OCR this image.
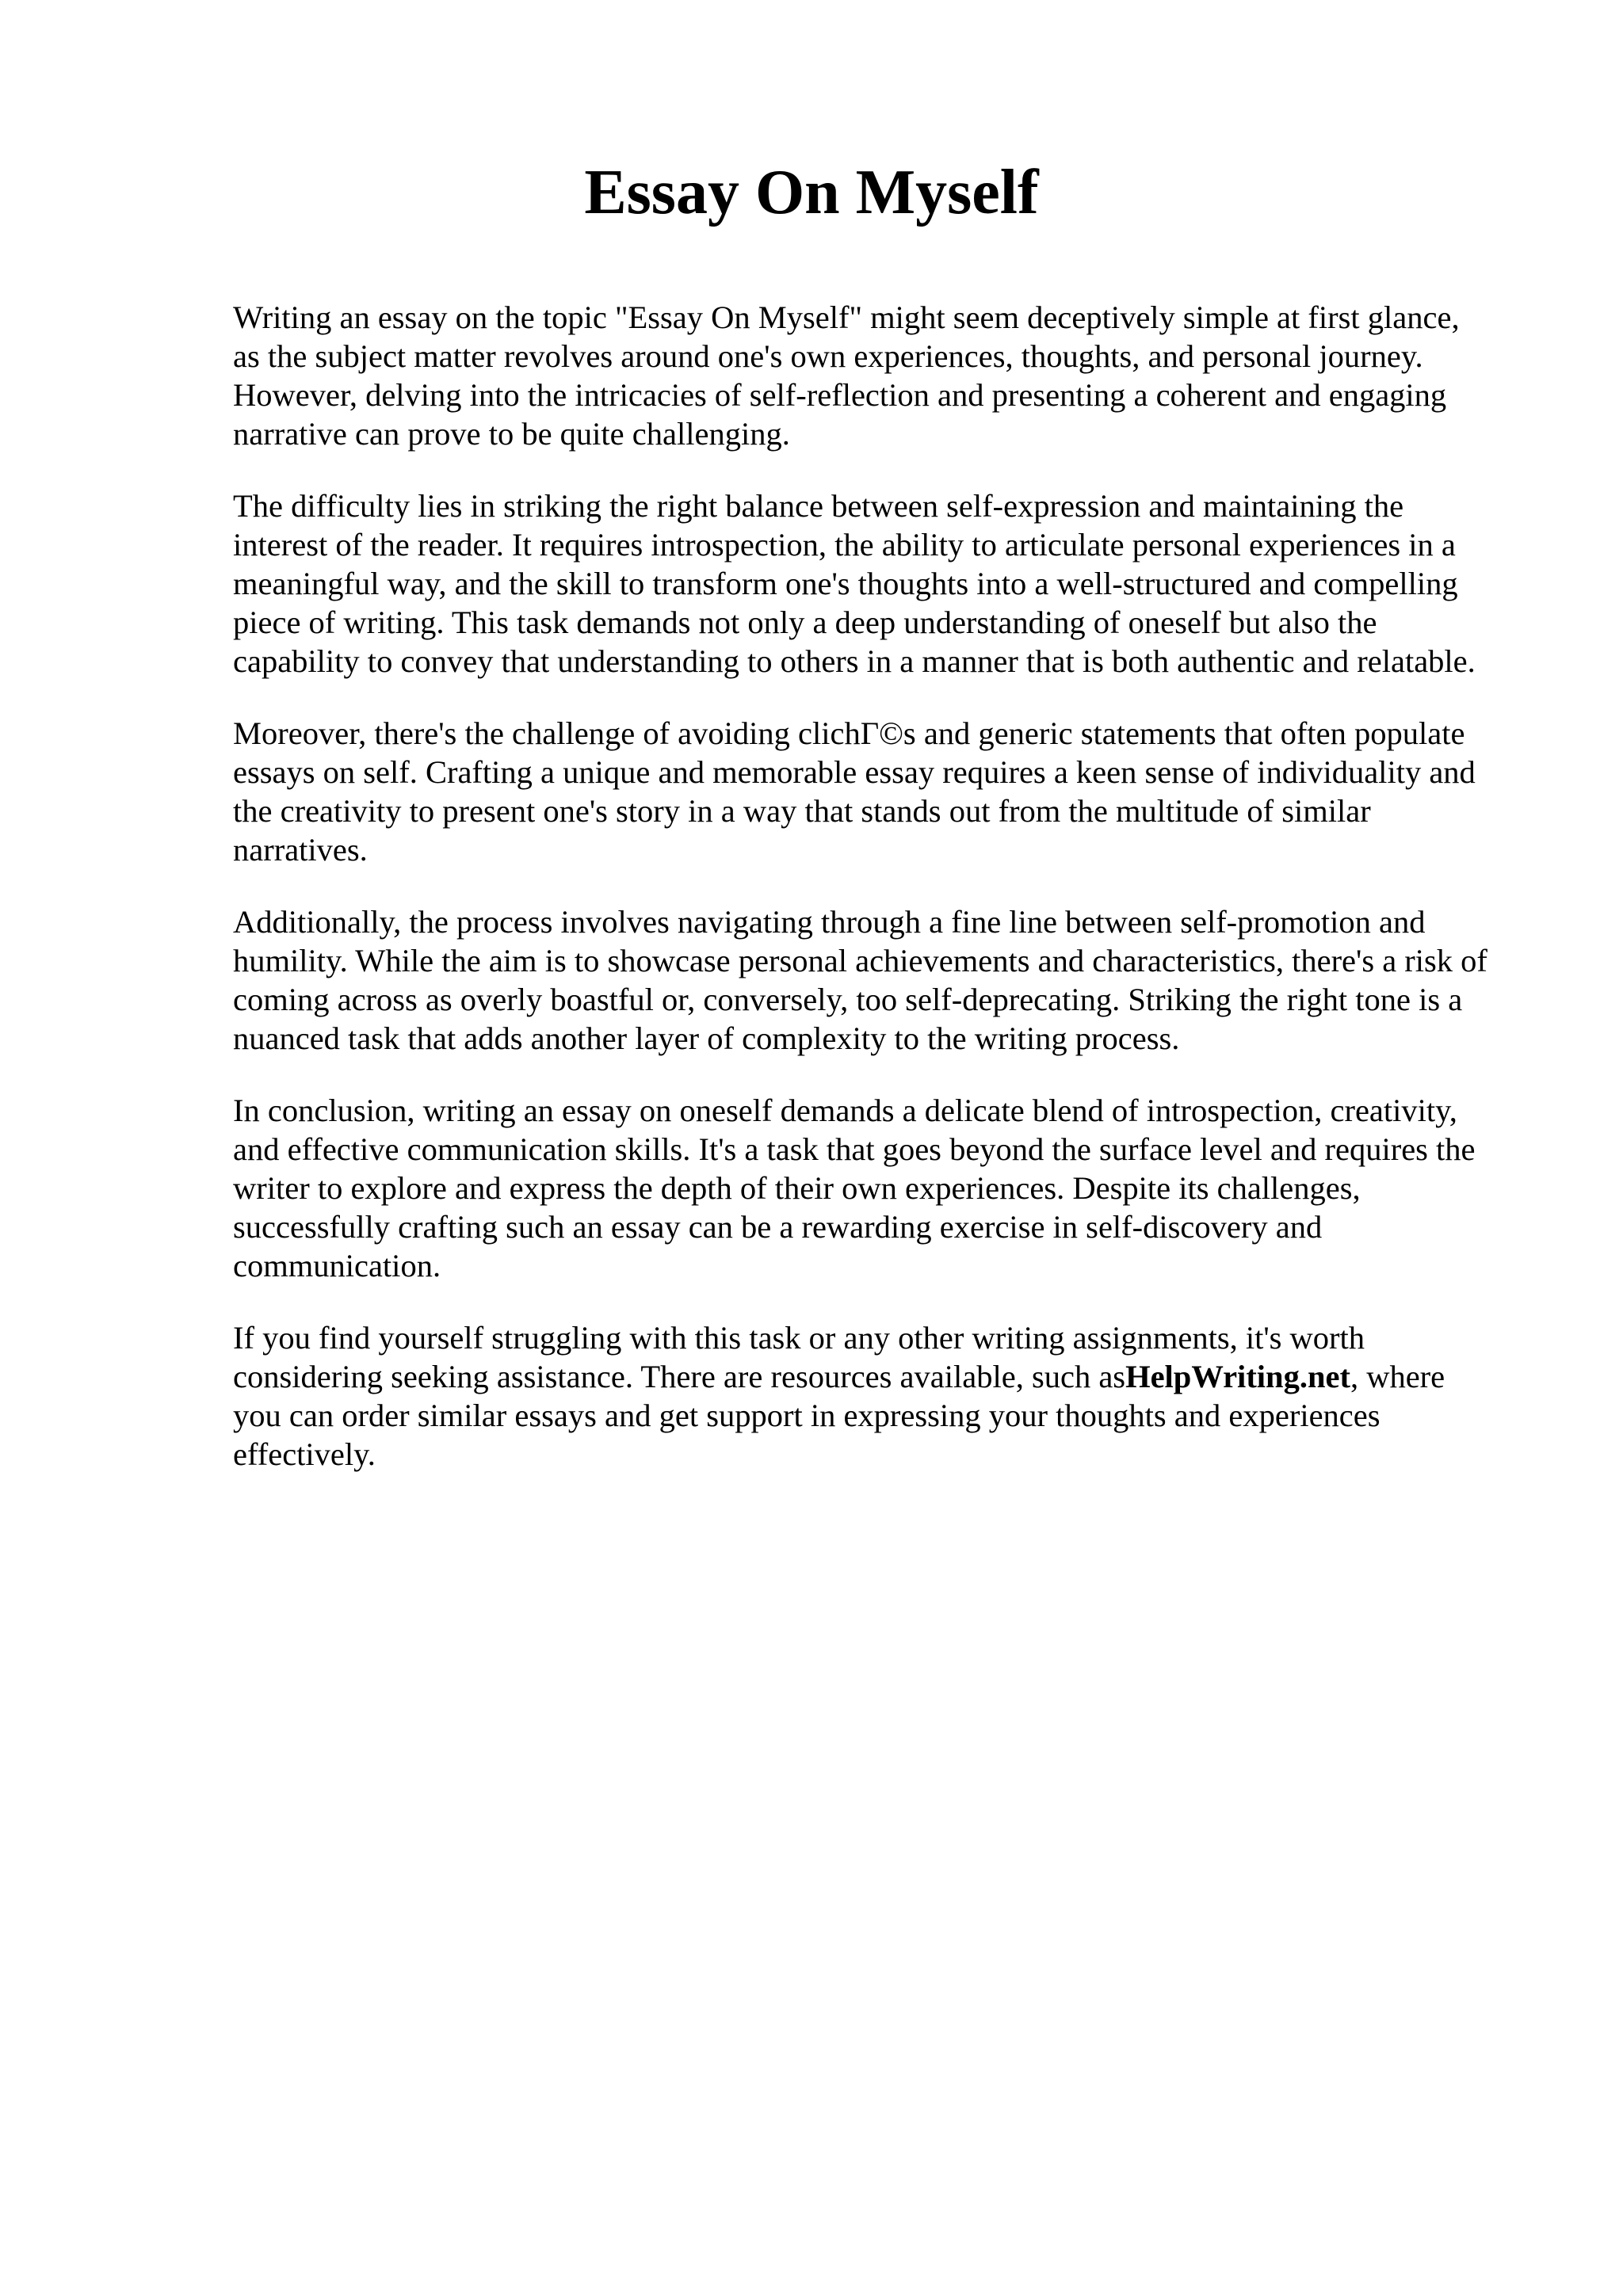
Essay On Myself

Writing an essay on the topic "Essay On Myself" might seem deceptively simple at first glance,
as the subject matter revolves around one's own experiences, thoughts, and personal journey.
However, delving into the intricacies of self-reflection and presenting a coherent and engaging
narrative can prove to be quite challenging.

The difficulty lies in striking the right balance between self-expression and maintaining the
interest of the reader. It requires introspection, the ability to articulate personal experiences in a
meaningful way, and the skill to transform one's thoughts into a well-structured and compelling
piece of writing. This task demands not only a deep understanding of oneself but also the
capability to convey that understanding to others in a manner that is both authentic and relatable.

Moreover, there's the challenge of avoiding clichΓ©s and generic statements that often populate
essays on self. Crafting a unique and memorable essay requires a keen sense of individuality and
the creativity to present one's story in a way that stands out from the multitude of similar
narratives.

Additionally, the process involves navigating through a fine line between self-promotion and
humility. While the aim is to showcase personal achievements and characteristics, there's a risk of
coming across as overly boastful or, conversely, too self-deprecating. Striking the right tone is a
nuanced task that adds another layer of complexity to the writing process.

In conclusion, writing an essay on oneself demands a delicate blend of introspection, creativity,
and effective communication skills. It's a task that goes beyond the surface level and requires the
writer to explore and express the depth of their own experiences. Despite its challenges,
successfully crafting such an essay can be a rewarding exercise in self-discovery and
communication.

If you find yourself struggling with this task or any other writing assignments, it's worth
considering seeking assistance. There are resources available, such asHelpWriting.net, where
you can order similar essays and get support in expressing your thoughts and experiences
effectively.
